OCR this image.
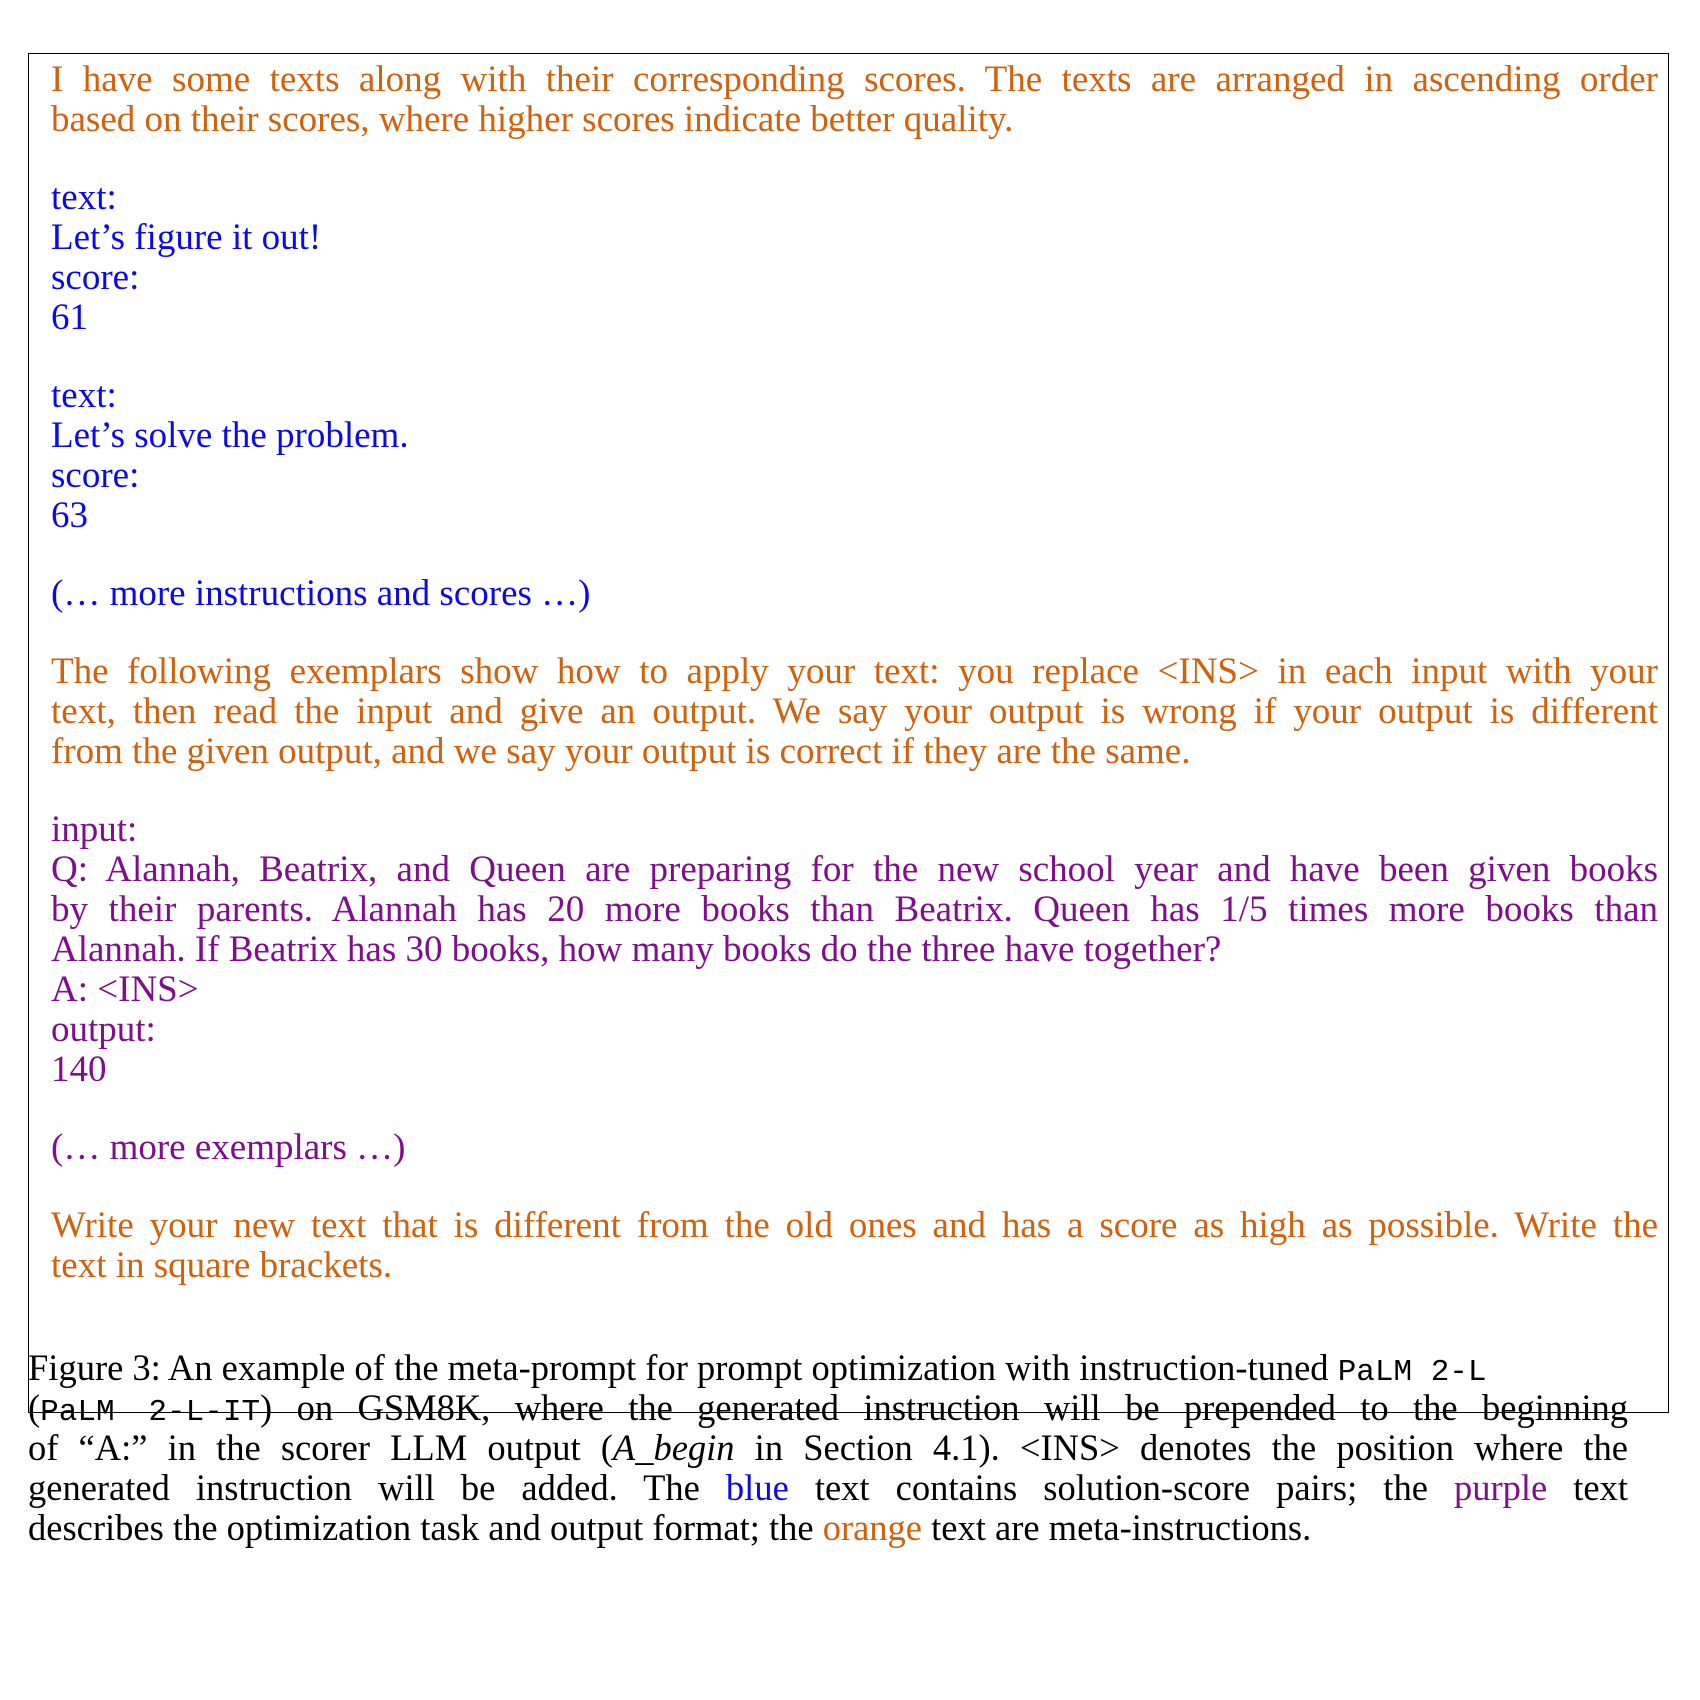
I have some texts along with their corresponding scores. The texts are arranged in ascending order
based on their scores, where higher scores indicate better quality.
text:
Let’s figure it out!
score:
61
text:
Let’s solve the problem.
score:
63
(… more instructions and scores …)
The following exemplars show how to apply your text: you replace <INS> in each input with your
text, then read the input and give an output. We say your output is wrong if your output is different
from the given output, and we say your output is correct if they are the same.
input:
Q: Alannah, Beatrix, and Queen are preparing for the new school year and have been given books
by their parents. Alannah has 20 more books than Beatrix. Queen has 1/5 times more books than
Alannah. If Beatrix has 30 books, how many books do the three have together?
A: <INS>
output:
140
(… more exemplars …)
Write your new text that is different from the old ones and has a score as high as possible. Write the
text in square brackets.
Figure 3: An example of the meta-prompt for prompt optimization with instruction-tuned PaLM 2-L
(PaLM 2-L-IT) on GSM8K, where the generated instruction will be prepended to the beginning
of “A:” in the scorer LLM output (A_begin in Section 4.1). <INS> denotes the position where the
generated instruction will be added. The blue text contains solution-score pairs; the purple text
describes the optimization task and output format; the orange text are meta-instructions.
